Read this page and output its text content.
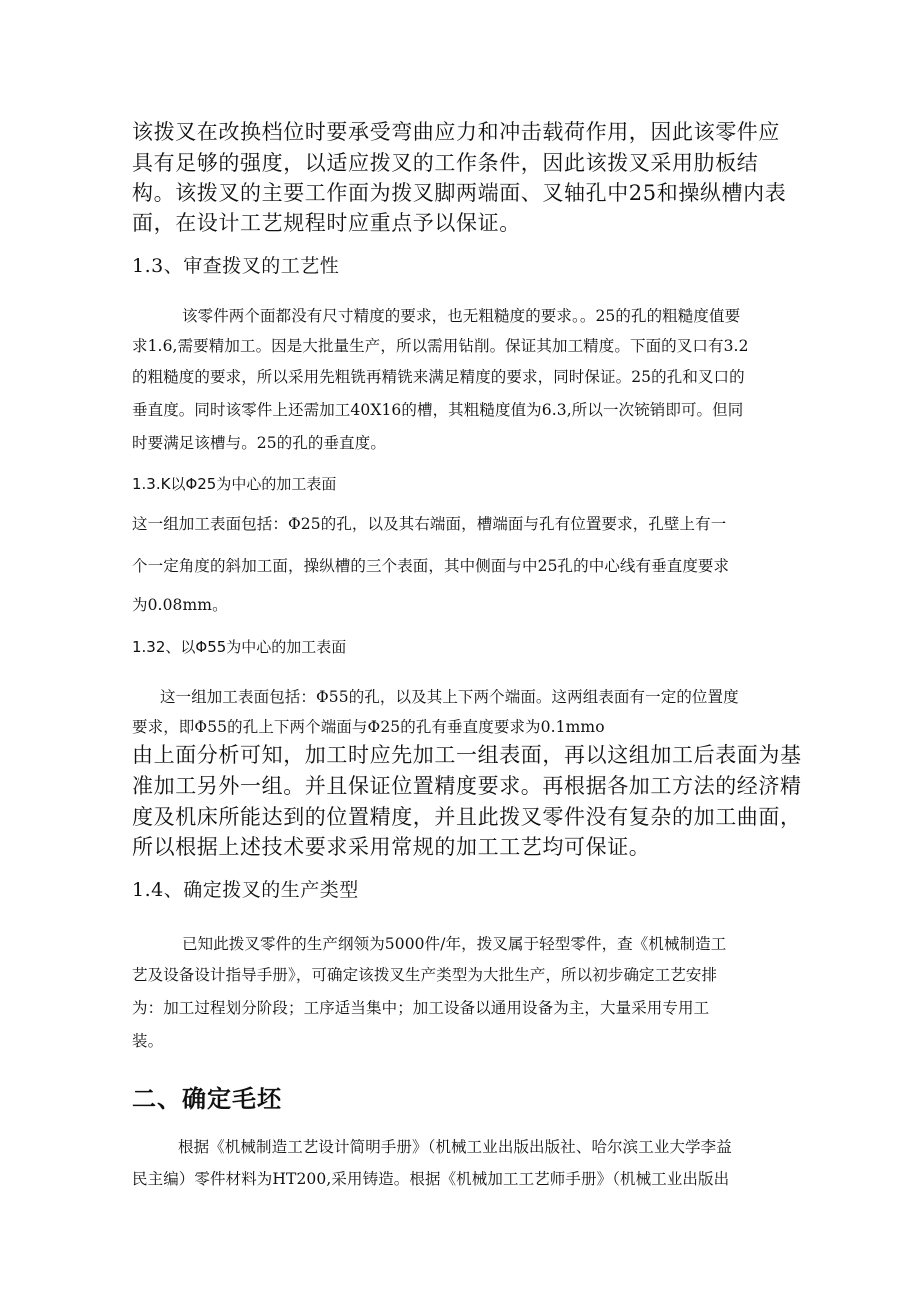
该拨叉在改换档位时要承受弯曲应力和冲击载荷作用，因此该零件应
具有足够的强度，以适应拨叉的工作条件，因此该拨叉采用肋板结
构。该拨叉的主要工作面为拨叉脚两端面、叉轴孔中25和操纵槽内表
面，在设计工艺规程时应重点予以保证。
1.3、审查拨叉的工艺性
该零件两个面都没有尺寸精度的要求，也无粗糙度的要求。。25的孔的粗糙度值要
求1.6,需要精加工。因是大批量生产，所以需用钻削。保证其加工精度。下面的叉口有3.2
的粗糙度的要求，所以采用先粗铣再精铣来满足精度的要求，同时保证。25的孔和叉口的
垂直度。同时该零件上还需加工40X16的槽，其粗糙度值为6.3,所以一次铳销即可。但同
时要满足该槽与。25的孔的垂直度。
1.3.K以Φ25为中心的加工表面
这一组加工表面包括：Φ25的孔，以及其右端面，槽端面与孔有位置要求，孔壁上有一
个一定角度的斜加工面，操纵槽的三个表面，其中侧面与中25孔的中心线有垂直度要求
为0.08mm。
1.32、以Φ55为中心的加工表面
这一组加工表面包括：Φ55的孔，以及其上下两个端面。这两组表面有一定的位置度
要求，即Φ55的孔上下两个端面与Φ25的孔有垂直度要求为0.1mmo
由上面分析可知，加工时应先加工一组表面，再以这组加工后表面为基
准加工另外一组。并且保证位置精度要求。再根据各加工方法的经济精
度及机床所能达到的位置精度，并且此拨叉零件没有复杂的加工曲面，
所以根据上述技术要求采用常规的加工工艺均可保证。
1.4、确定拨叉的生产类型
已知此拨叉零件的生产纲领为5000件/年，拨叉属于轻型零件，查《机械制造工
艺及设备设计指导手册》，可确定该拨叉生产类型为大批生产，所以初步确定工艺安排
为：加工过程划分阶段；工序适当集中；加工设备以通用设备为主，大量采用专用工
装。
二、确定毛坯
根据《机械制造工艺设计简明手册》（机械工业出版出版社、哈尔滨工业大学李益
民主编）零件材料为HT200,采用铸造。根据《机械加工工艺师手册》（机械工业出版出
